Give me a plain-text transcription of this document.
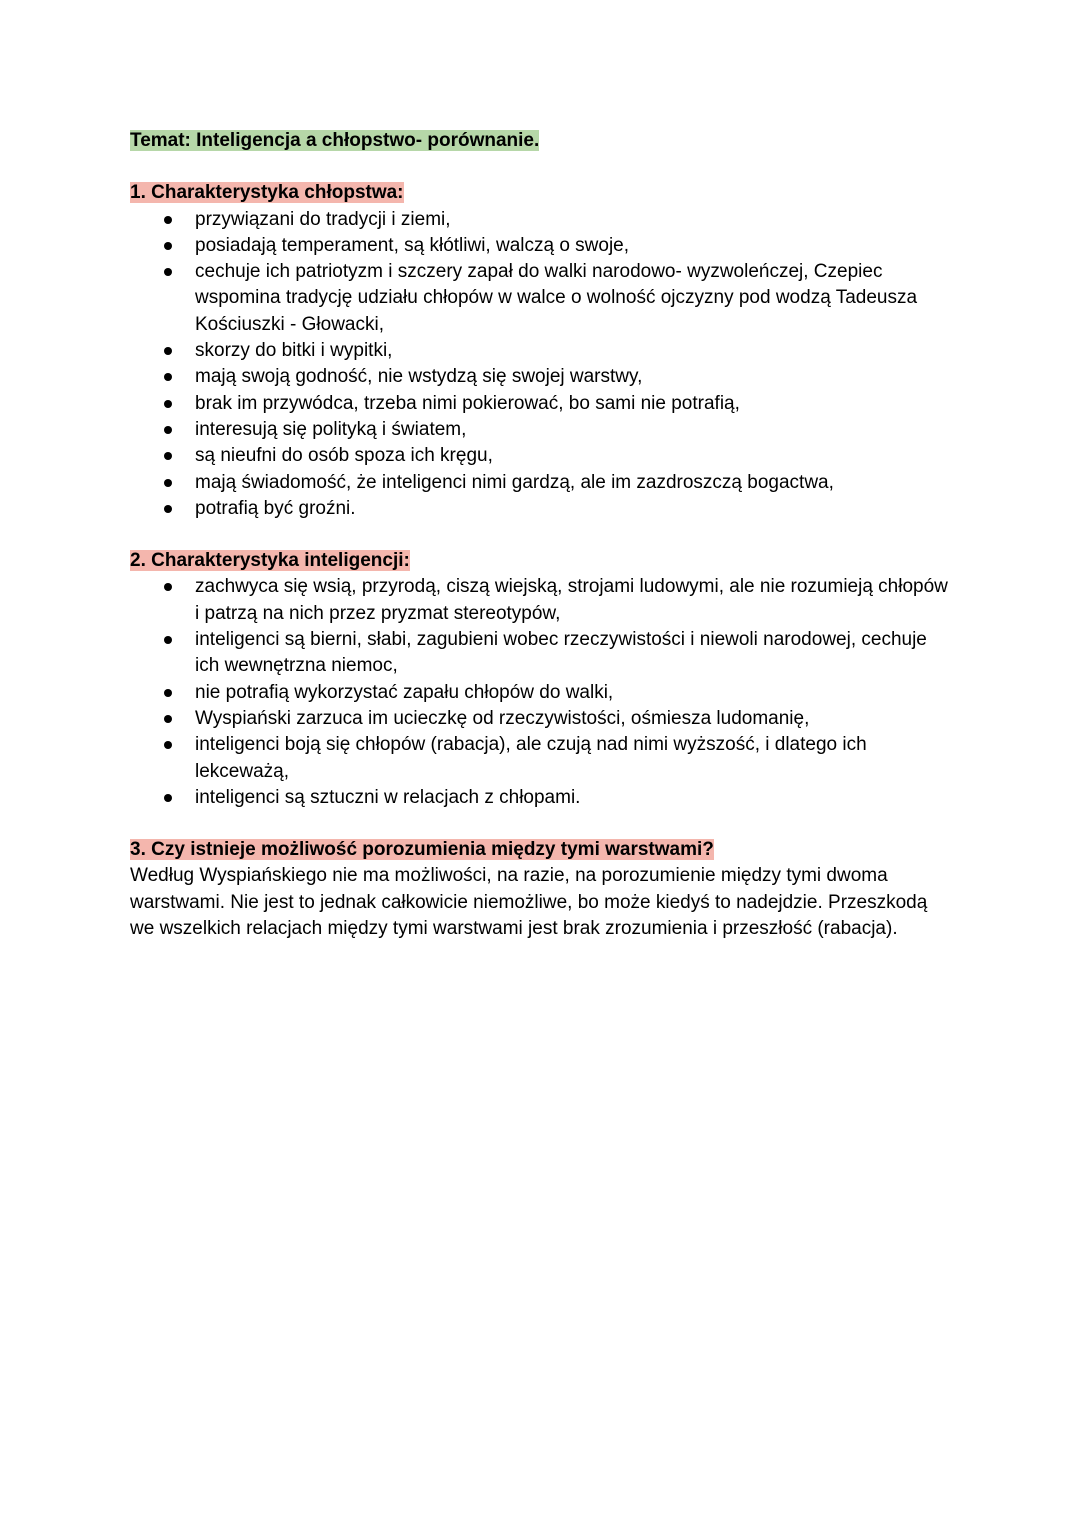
Temat: Inteligencja a chłopstwo- porównanie.

1. Charakterystyka chłopstwa:

przywiązani do tradycji i ziemi,
posiadają temperament, są kłótliwi, walczą o swoje,
cechuje ich patriotyzm i szczery zapał do walki narodowo- wyzwoleńczej, Czepiec wspomina tradycję udziału chłopów w walce o wolność ojczyzny pod wodzą Tadeusza Kościuszki - Głowacki,
skorzy do bitki i wypitki,
mają swoją godność, nie wstydzą się swojej warstwy,
brak im przywódca, trzeba nimi pokierować, bo sami nie potrafią,
interesują się polityką i światem,
są nieufni do osób spoza ich kręgu,
mają świadomość, że inteligenci nimi gardzą, ale im zazdroszczą bogactwa,
potrafią być groźni.

2. Charakterystyka inteligencji:

zachwyca się wsią, przyrodą, ciszą wiejską, strojami ludowymi, ale nie rozumieją chłopów i patrzą na nich przez pryzmat stereotypów,
inteligenci są bierni, słabi, zagubieni wobec rzeczywistości i niewoli narodowej, cechuje ich wewnętrzna niemoc,
nie potrafią wykorzystać zapału chłopów do walki,
Wyspiański zarzuca im ucieczkę od rzeczywistości, ośmiesza ludomanię,
inteligenci boją się chłopów (rabacja), ale czują nad nimi wyższość, i dlatego ich lekceważą,
inteligenci są sztuczni w relacjach z chłopami.

3. Czy istnieje możliwość porozumienia między tymi warstwami?

Według Wyspiańskiego nie ma możliwości, na razie, na porozumienie między tymi dwoma warstwami. Nie jest to jednak całkowicie niemożliwe, bo może kiedyś to nadejdzie. Przeszkodą we wszelkich relacjach między tymi warstwami jest brak zrozumienia i przeszłość (rabacja).
